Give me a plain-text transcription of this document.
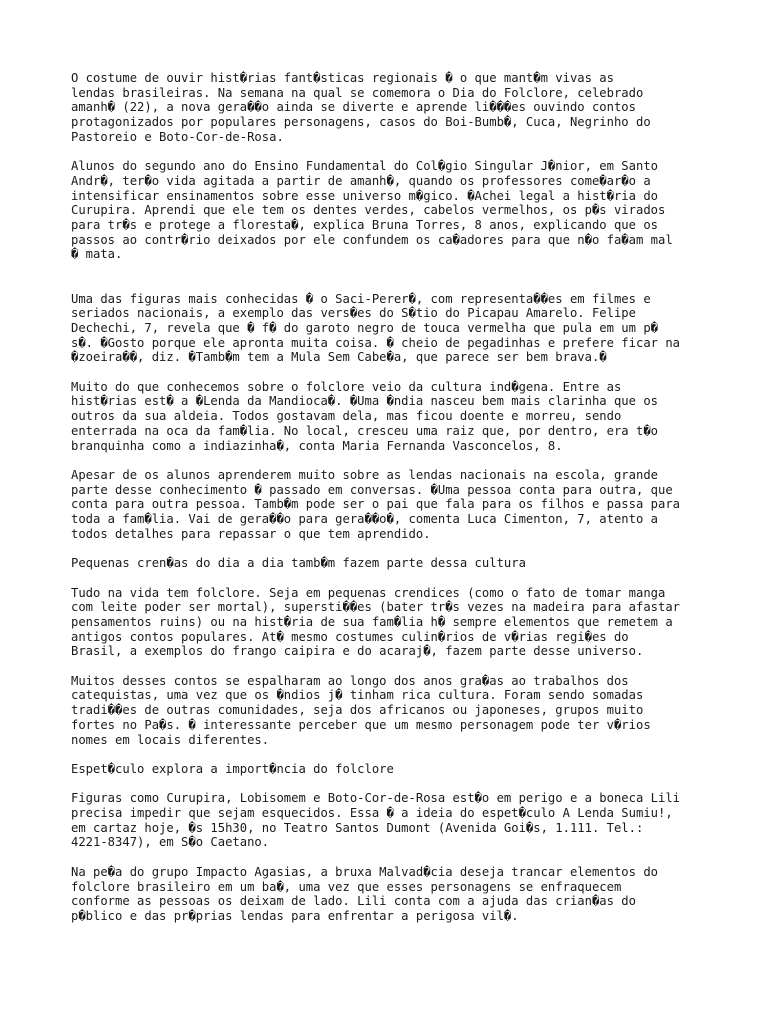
O costume de ouvir hist�rias fant�sticas regionais � o que mant�m vivas as
lendas brasileiras. Na semana na qual se comemora o Dia do Folclore, celebrado
amanh� (22), a nova gera��o ainda se diverte e aprende li���es ouvindo contos
protagonizados por populares personagens, casos do Boi-Bumb�, Cuca, Negrinho do
Pastoreio e Boto-Cor-de-Rosa.

Alunos do segundo ano do Ensino Fundamental do Col�gio Singular J�nior, em Santo
Andr�, ter�o vida agitada a partir de amanh�, quando os professores come�ar�o a
intensificar ensinamentos sobre esse universo m�gico. �Achei legal a hist�ria do
Curupira. Aprendi que ele tem os dentes verdes, cabelos vermelhos, os p�s virados
para tr�s e protege a floresta�, explica Bruna Torres, 8 anos, explicando que os
passos ao contr�rio deixados por ele confundem os ca�adores para que n�o fa�am mal
� mata.

Uma das figuras mais conhecidas � o Saci-Perer�, com representa��es em filmes e
seriados nacionais, a exemplo das vers�es do S�tio do Picapau Amarelo. Felipe
Dechechi, 7, revela que � f� do garoto negro de touca vermelha que pula em um p�
s�. �Gosto porque ele apronta muita coisa. � cheio de pegadinhas e prefere ficar na
�zoeira��, diz. �Tamb�m tem a Mula Sem Cabe�a, que parece ser bem brava.�

Muito do que conhecemos sobre o folclore veio da cultura ind�gena. Entre as
hist�rias est� a �Lenda da Mandioca�. �Uma �ndia nasceu bem mais clarinha que os
outros da sua aldeia. Todos gostavam dela, mas ficou doente e morreu, sendo
enterrada na oca da fam�lia. No local, cresceu uma raiz que, por dentro, era t�o
branquinha como a indiazinha�, conta Maria Fernanda Vasconcelos, 8.

Apesar de os alunos aprenderem muito sobre as lendas nacionais na escola, grande
parte desse conhecimento � passado em conversas. �Uma pessoa conta para outra, que
conta para outra pessoa. Tamb�m pode ser o pai que fala para os filhos e passa para
toda a fam�lia. Vai de gera��o para gera��o�, comenta Luca Cimenton, 7, atento a
todos detalhes para repassar o que tem aprendido.

Pequenas cren�as do dia a dia tamb�m fazem parte dessa cultura

Tudo na vida tem folclore. Seja em pequenas crendices (como o fato de tomar manga
com leite poder ser mortal), supersti��es (bater tr�s vezes na madeira para afastar
pensamentos ruins) ou na hist�ria de sua fam�lia h� sempre elementos que remetem a
antigos contos populares. At� mesmo costumes culin�rios de v�rias regi�es do
Brasil, a exemplos do frango caipira e do acaraj�, fazem parte desse universo.

Muitos desses contos se espalharam ao longo dos anos gra�as ao trabalhos dos
catequistas, uma vez que os �ndios j� tinham rica cultura. Foram sendo somadas
tradi��es de outras comunidades, seja dos africanos ou japoneses, grupos muito
fortes no Pa�s. � interessante perceber que um mesmo personagem pode ter v�rios
nomes em locais diferentes.

Espet�culo explora a import�ncia do folclore

Figuras como Curupira, Lobisomem e Boto-Cor-de-Rosa est�o em perigo e a boneca Lili
precisa impedir que sejam esquecidos. Essa � a ideia do espet�culo A Lenda Sumiu!,
em cartaz hoje, �s 15h30, no Teatro Santos Dumont (Avenida Goi�s, 1.111. Tel.:
4221-8347), em S�o Caetano.

Na pe�a do grupo Impacto Agasias, a bruxa Malvad�cia deseja trancar elementos do
folclore brasileiro em um ba�, uma vez que esses personagens se enfraquecem
conforme as pessoas os deixam de lado. Lili conta com a ajuda das crian�as do
p�blico e das pr�prias lendas para enfrentar a perigosa vil�.
